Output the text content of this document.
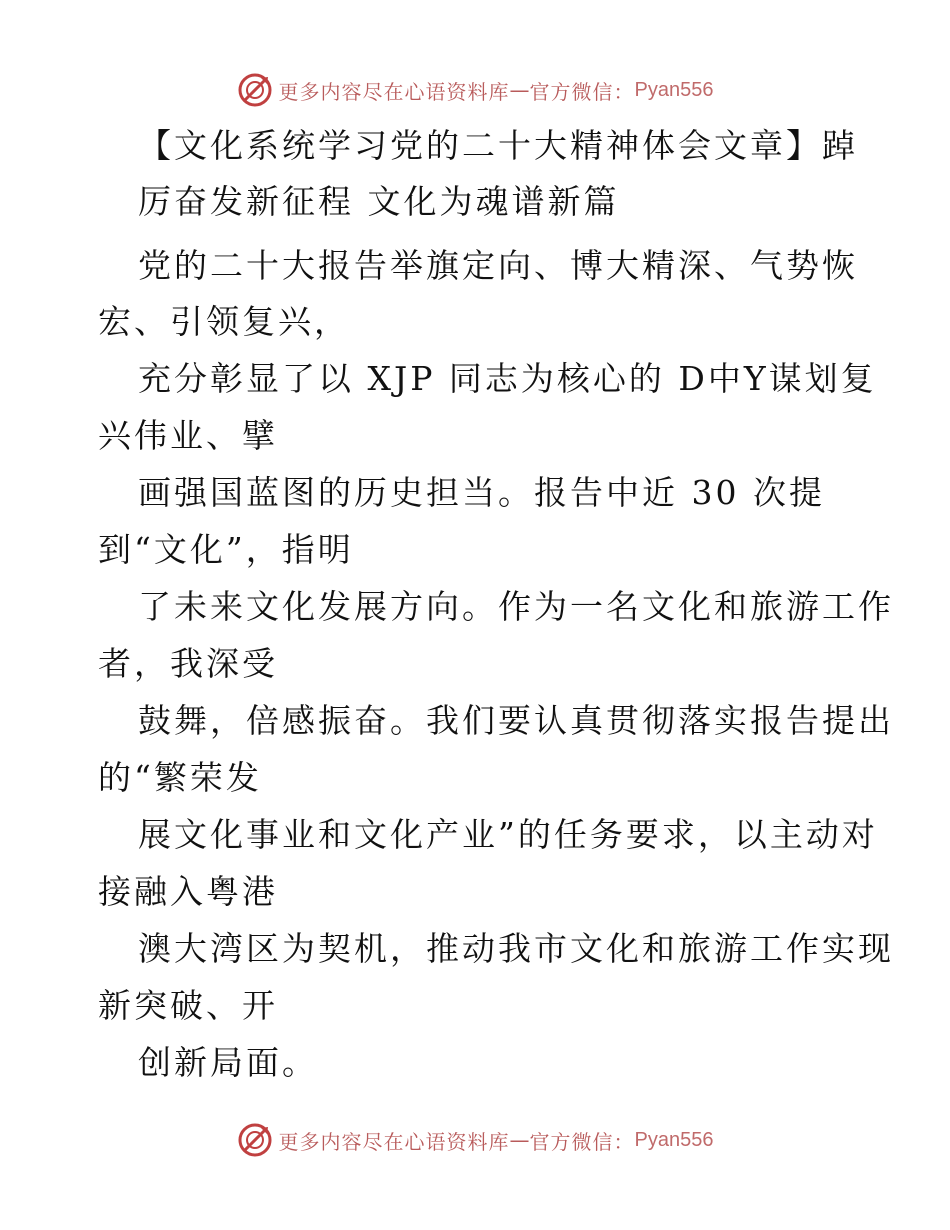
更多内容尽在心语资料库 — 官方微信： Pyan556
【文化系统学习党的二十大精神体会文章】踔
厉奋发新征程 文化为魂谱新篇
党的二十大报告举旗定向、博大精深、气势恢
宏、引领复兴，
充分彰显了以 XJP 同志为核心的 D中Y谋划复
兴伟业、擘
画强国蓝图的历史担当。报告中近 30 次提
到“文化”，指明
了未来文化发展方向。作为一名文化和旅游工作
者，我深受
鼓舞，倍感振奋。我们要认真贯彻落实报告提出
的“繁荣发
展文化事业和文化产业”的任务要求，以主动对
接融入粤港
澳大湾区为契机，推动我市文化和旅游工作实现
新突破、开
创新局面。
更多内容尽在心语资料库 — 官方微信： Pyan556
